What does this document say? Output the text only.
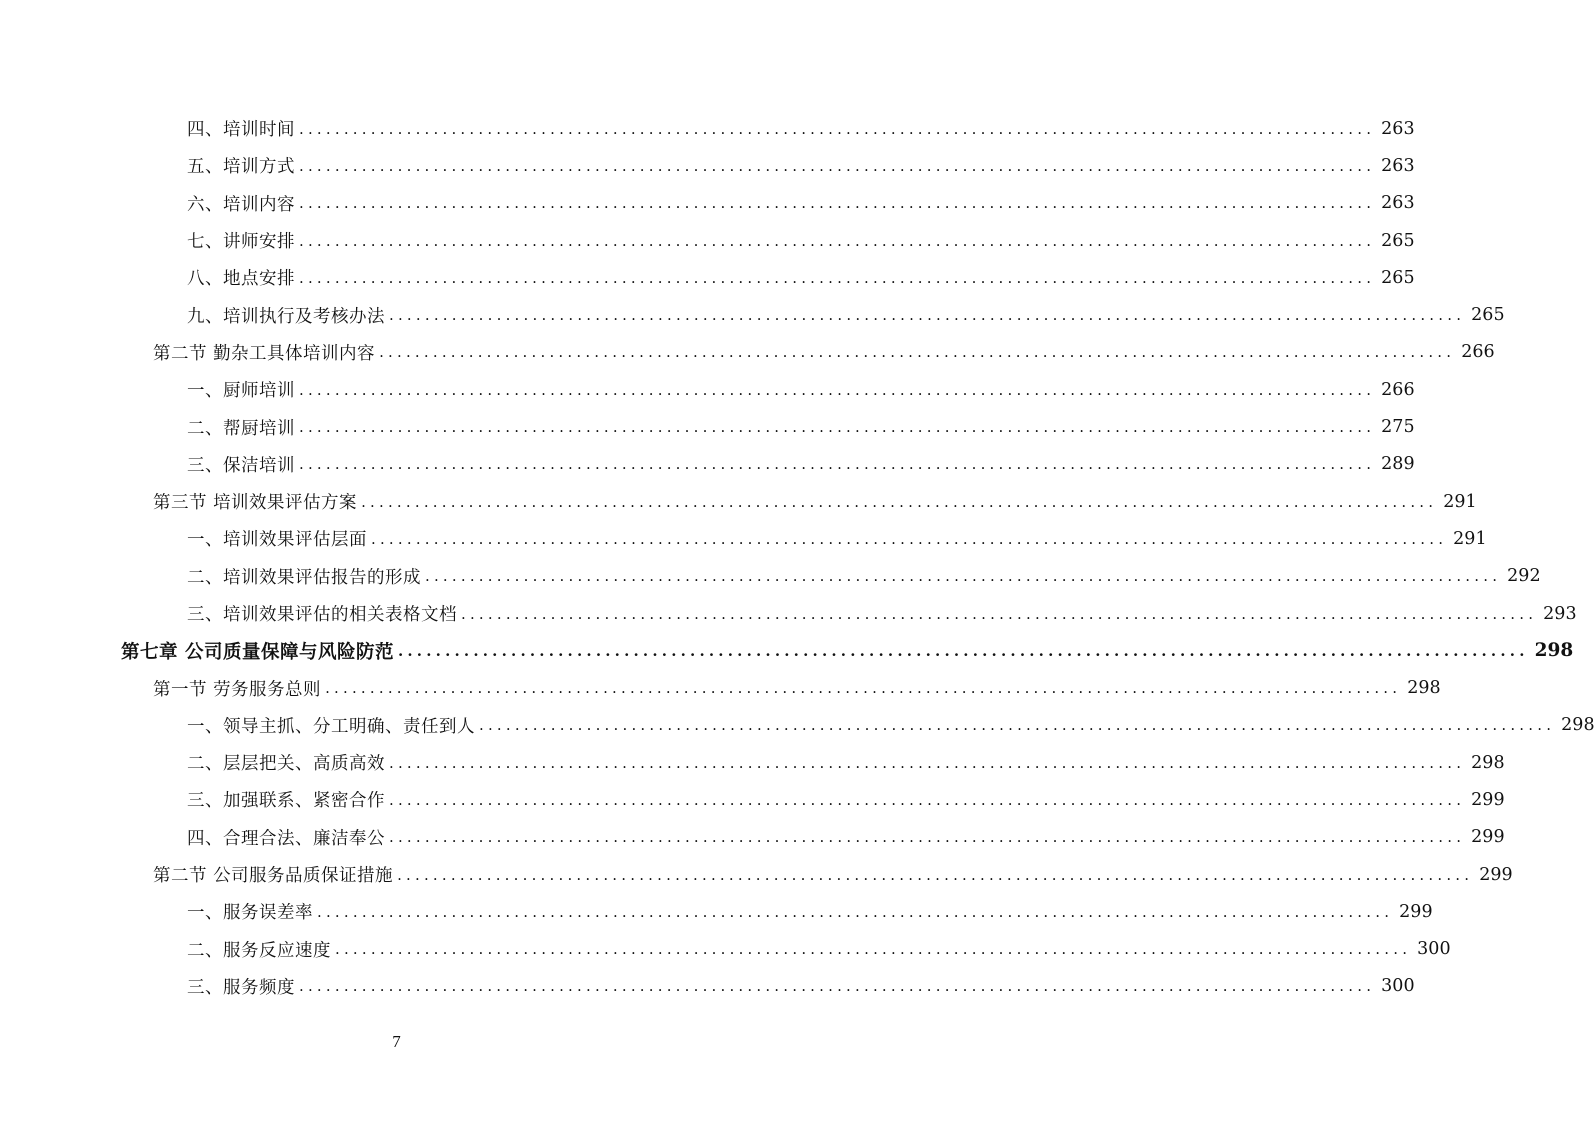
四、培训时间 ........................................................................................................................ 263
五、培训方式 ........................................................................................................................ 263
六、培训内容 ........................................................................................................................ 263
七、讲师安排 ........................................................................................................................ 265
八、地点安排 ........................................................................................................................ 265
九、培训执行及考核办法 ........................................................................................................................ 265
第二节 勤杂工具体培训内容 ........................................................................................................................ 266
一、厨师培训 ........................................................................................................................ 266
二、帮厨培训 ........................................................................................................................ 275
三、保洁培训 ........................................................................................................................ 289
第三节 培训效果评估方案 ........................................................................................................................ 291
一、培训效果评估层面 ........................................................................................................................ 291
二、培训效果评估报告的形成 ........................................................................................................................ 292
三、培训效果评估的相关表格文档 ........................................................................................................................ 293
第七章 公司质量保障与风险防范 ........................................................................................................................ 298
第一节 劳务服务总则 ........................................................................................................................ 298
一、领导主抓、分工明确、责任到人 ........................................................................................................................ 298
二、层层把关、高质高效 ........................................................................................................................ 298
三、加强联系、紧密合作 ........................................................................................................................ 299
四、合理合法、廉洁奉公 ........................................................................................................................ 299
第二节 公司服务品质保证措施 ........................................................................................................................ 299
一、服务误差率 ........................................................................................................................ 299
二、服务反应速度 ........................................................................................................................ 300
三、服务频度 ........................................................................................................................ 300
7
